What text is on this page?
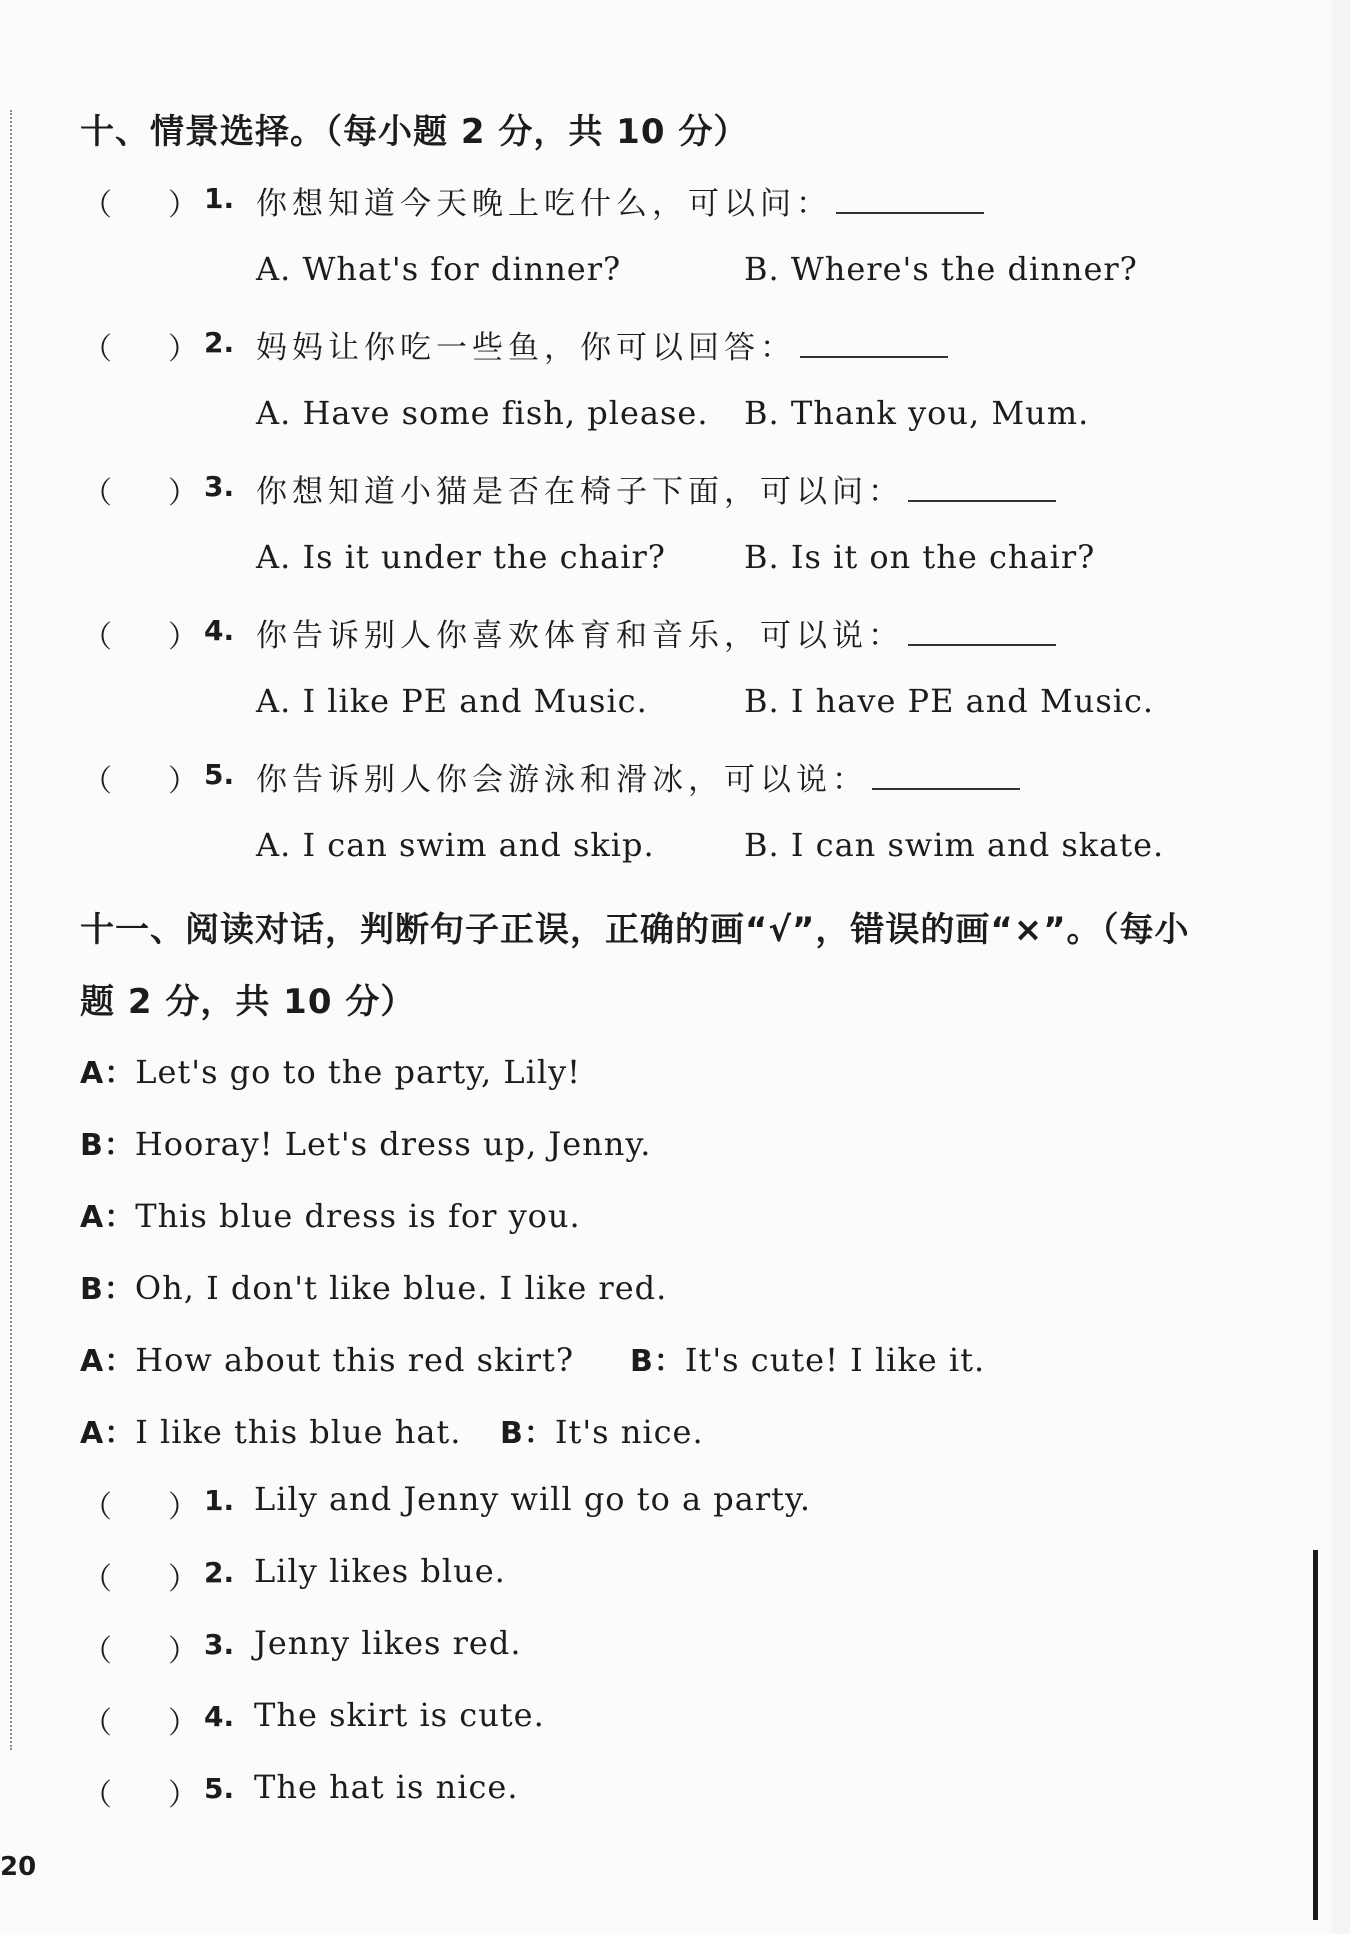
十、情景选择。（每小题 2 分，共 10 分）
（ ） 1. 你想知道今天晚上吃什么，可以问：
A. What's for dinner?	B. Where's the dinner?
（ ） 2. 妈妈让你吃一些鱼，你可以回答：
A. Have some fish, please. B. Thank you, Mum.
（ ） 3. 你想知道小猫是否在椅子下面，可以问：
A. Is it under the chair? B. Is it on the chair?
（ ） 4. 你告诉别人你喜欢体育和音乐，可以说：
A. I like PE and Music.	B. I have PE and Music.
（ ） 5. 你告诉别人你会游泳和滑冰，可以说：
A. I can swim and skip.	B. I can swim and skate.
十一、阅读对话，判断句子正误，正确的画“√”，错误的画“×”。（每小
题 2 分，共 10 分）
A：Let's go to the party, Lily!
B：Hooray! Let's dress up, Jenny.
A：This blue dress is for you.
B：Oh, I don't like blue. I like red.
A：How about this red skirt? B：It's cute! I like it.
A：I like this blue hat. B：It's nice.
（ ） 1. Lily and Jenny will go to a party.
（ ） 2. Lily likes blue.
（ ） 3. Jenny likes red.
（ ） 4. The skirt is cute.
（ ） 5. The hat is nice.
20
